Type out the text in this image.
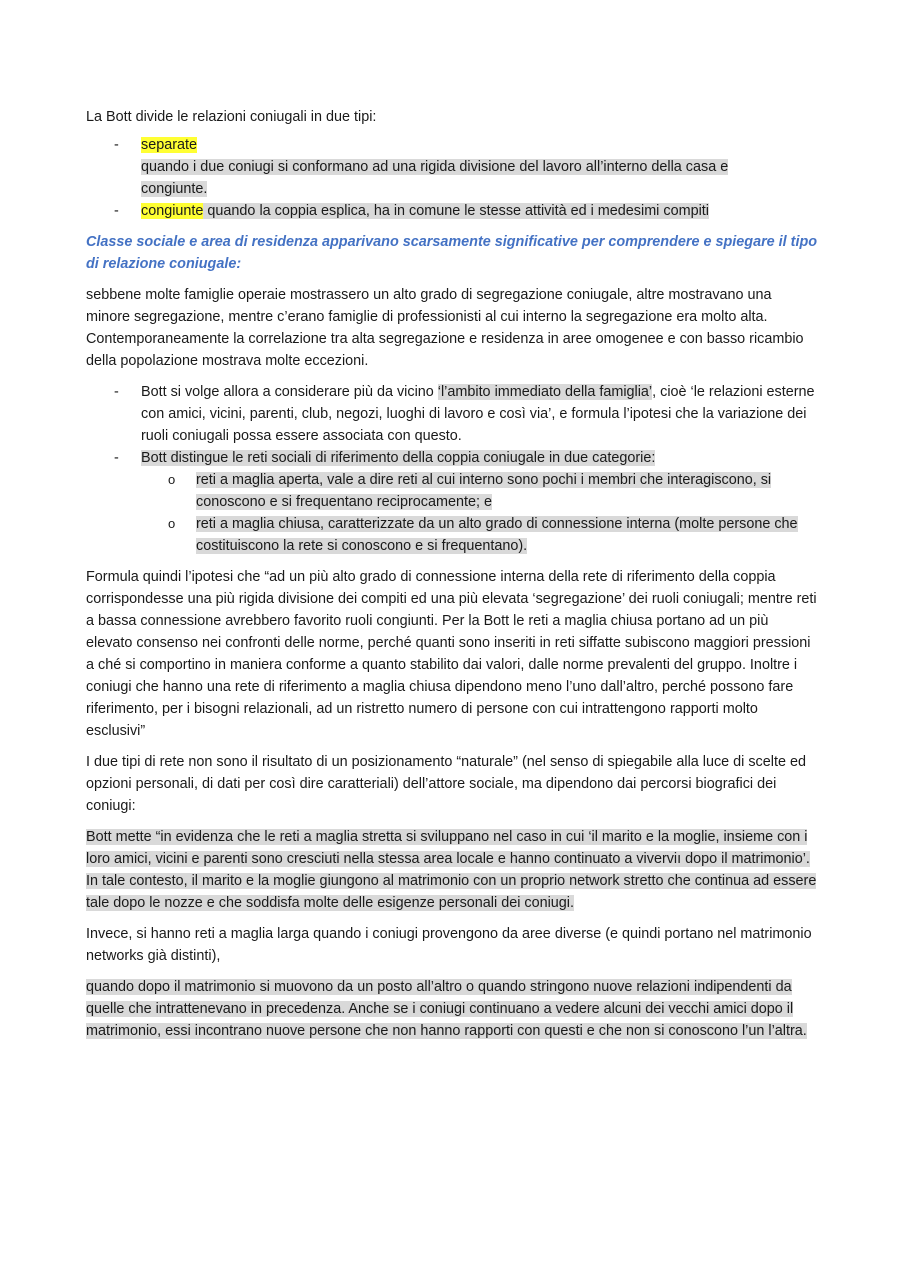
La Bott divide le relazioni coniugali in due tipi:

- separate
quando i due coniugi si conformano ad una rigida divisione del lavoro all’interno della casa e
congiunte.
- congiunte quando la coppia esplica, ha in comune le stesse attività ed i medesimi compiti

Classe sociale e area di residenza apparivano scarsamente significative per comprendere e spiegare il tipo di relazione coniugale:

sebbene molte famiglie operaie mostrassero un alto grado di segregazione coniugale, altre mostravano una minore segregazione, mentre c’erano famiglie di professionisti al cui interno la segregazione era molto alta. Contemporaneamente la correlazione tra alta segregazione e residenza in aree omogenee e con basso ricambio della popolazione mostrava molte eccezioni.

- Bott si volge allora a considerare più da vicino ‘l’ambito immediato della famiglia’, cioè ‘le relazioni esterne con amici, vicini, parenti, club, negozi, luoghi di lavoro e così via’, e formula l’ipotesi che la variazione dei ruoli coniugali possa essere associata con questo.
- Bott distingue le reti sociali di riferimento della coppia coniugale in due categorie:
o reti a maglia aperta, vale a dire reti al cui interno sono pochi i membri che interagiscono, si conoscono e si frequentano reciprocamente; e
o reti a maglia chiusa, caratterizzate da un alto grado di connessione interna (molte persone che costituiscono la rete si conoscono e si frequentano).

Formula quindi l’ipotesi che “ad un più alto grado di connessione interna della rete di riferimento della coppia corrispondesse una più rigida divisione dei compiti ed una più elevata ‘segregazione’ dei ruoli coniugali; mentre reti a bassa connessione avrebbero favorito ruoli congiunti. Per la Bott le reti a maglia chiusa portano ad un più elevato consenso nei confronti delle norme, perché quanti sono inseriti in reti siffatte subiscono maggiori pressioni a ché si comportino in maniera conforme a quanto stabilito dai valori, dalle norme prevalenti del gruppo. Inoltre i coniugi che hanno una rete di riferimento a maglia chiusa dipendono meno l’uno dall’altro, perché possono fare riferimento, per i bisogni relazionali, ad un ristretto numero di persone con cui intrattengono rapporti molto esclusivi”

I due tipi di rete non sono il risultato di un posizionamento “naturale” (nel senso di spiegabile alla luce di scelte ed opzioni personali, di dati per così dire caratteriali) dell’attore sociale, ma dipendono dai percorsi biografici dei coniugi:

Bott mette “in evidenza che le reti a maglia stretta si sviluppano nel caso in cui ‘il marito e la moglie, insieme con i loro amici, vicini e parenti sono cresciuti nella stessa area locale e hanno continuato a viverviı dopo il matrimonio’. In tale contesto, il marito e la moglie giungono al matrimonio con un proprio network stretto che continua ad essere tale dopo le nozze e che soddisfa molte delle esigenze personali dei coniugi.

Invece, si hanno reti a maglia larga quando i coniugi provengono da aree diverse (e quindi portano nel matrimonio networks già distinti),

quando dopo il matrimonio si muovono da un posto all’altro o quando stringono nuove relazioni indipendenti da quelle che intrattenevano in precedenza. Anche se i coniugi continuano a vedere alcuni dei vecchi amici dopo il matrimonio, essi incontrano nuove persone che non hanno rapporti con questi e che non si conoscono l’un l’altra.
